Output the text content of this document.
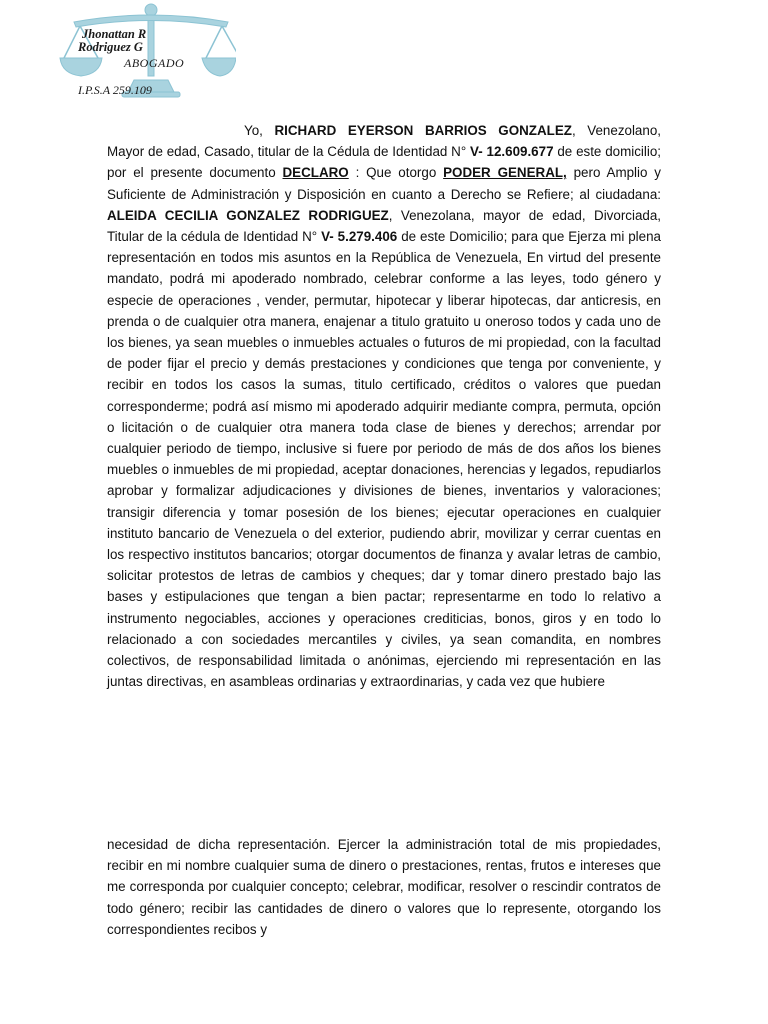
Jhonattan R

Rodriguez G

ABOGADO

I.P.S.A 259.109

Yo, RICHARD EYERSON BARRIOS GONZALEZ, Venezolano, Mayor de edad, Casado, titular de la Cédula de Identidad N° V- 12.609.677 de este domicilio; por el presente documento DECLARO : Que otorgo PODER GENERAL, pero Amplio y Suficiente de Administración y Disposición en cuanto a Derecho se Refiere; al ciudadana: ALEIDA CECILIA GONZALEZ RODRIGUEZ, Venezolana, mayor de edad, Divorciada, Titular de la cédula de Identidad N° V- 5.279.406 de este Domicilio; para que Ejerza mi plena representación en todos mis asuntos en la República de Venezuela, En virtud del presente mandato, podrá mi apoderado nombrado, celebrar conforme a las leyes, todo género y especie de operaciones , vender, permutar, hipotecar y liberar hipotecas, dar anticresis, en prenda o de cualquier otra manera, enajenar a titulo gratuito u oneroso todos y cada uno de los bienes, ya sean muebles o inmuebles actuales o futuros de mi propiedad, con la facultad de poder fijar el precio y demás prestaciones y condiciones que tenga por conveniente, y recibir en todos los casos la sumas, titulo certificado, créditos o valores que puedan corresponderme; podrá así mismo mi apoderado adquirir mediante compra, permuta, opción o licitación o de cualquier otra manera toda clase de bienes y derechos; arrendar por cualquier periodo de tiempo, inclusive si fuere por periodo de más de dos años los bienes muebles o inmuebles de mi propiedad, aceptar donaciones, herencias y legados, repudiarlos aprobar y formalizar adjudicaciones y divisiones de bienes, inventarios y valoraciones; transigir diferencia y tomar posesión de los bienes; ejecutar operaciones en cualquier instituto bancario de Venezuela o del exterior, pudiendo abrir, movilizar y cerrar cuentas en los respectivo institutos bancarios; otorgar documentos de finanza y avalar letras de cambio, solicitar protestos de letras de cambios y cheques; dar y tomar dinero prestado bajo las bases y estipulaciones que tengan a bien pactar; representarme en todo lo relativo a instrumento negociables, acciones y operaciones crediticias, bonos, giros y en todo lo relacionado a con sociedades mercantiles y civiles, ya sean comandita, en nombres colectivos, de responsabilidad limitada o anónimas, ejerciendo mi representación en las juntas directivas, en asambleas ordinarias y extraordinarias, y cada vez que hubiere

necesidad de dicha representación. Ejercer la administración total de mis propiedades, recibir en mi nombre cualquier suma de dinero o prestaciones, rentas, frutos e intereses que me corresponda por cualquier concepto; celebrar, modificar, resolver o rescindir contratos de todo género; recibir las cantidades de dinero o valores que lo represente, otorgando los correspondientes recibos y
